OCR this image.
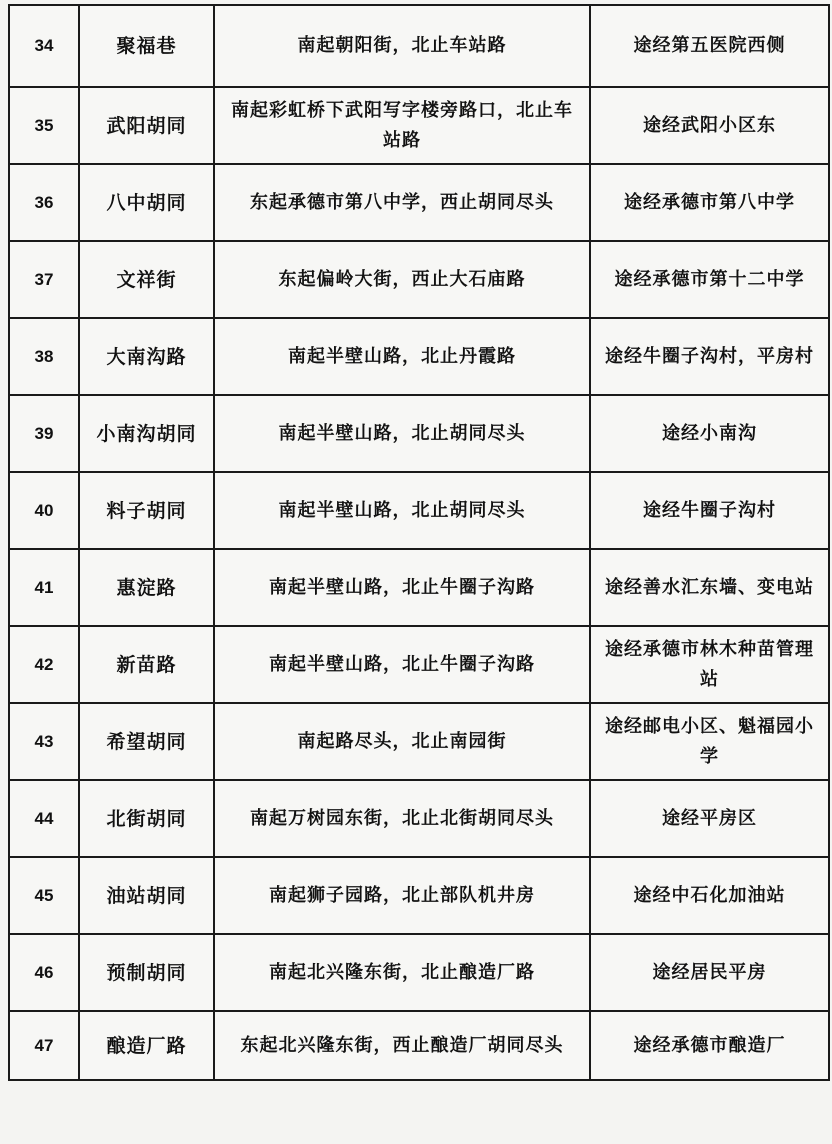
34	聚福巷	南起朝阳街，北止车站路	途经第五医院西侧
35	武阳胡同	南起彩虹桥下武阳写字楼旁路口，北止车站路	途经武阳小区东
36	八中胡同	东起承德市第八中学，西止胡同尽头	途经承德市第八中学
37	文祥街	东起偏岭大街，西止大石庙路	途经承德市第十二中学
38	大南沟路	南起半壁山路，北止丹霞路	途经牛圈子沟村，平房村
39	小南沟胡同	南起半壁山路，北止胡同尽头	途经小南沟
40	料子胡同	南起半壁山路，北止胡同尽头	途经牛圈子沟村
41	惠淀路	南起半壁山路，北止牛圈子沟路	途经善水汇东墙、变电站
42	新苗路	南起半壁山路，北止牛圈子沟路	途经承德市林木种苗管理站
43	希望胡同	南起路尽头，北止南园街	途经邮电小区、魁福园小学
44	北街胡同	南起万树园东街，北止北街胡同尽头	途经平房区
45	油站胡同	南起狮子园路，北止部队机井房	途经中石化加油站
46	预制胡同	南起北兴隆东街，北止酿造厂路	途经居民平房
47	酿造厂路	东起北兴隆东街，西止酿造厂胡同尽头	途经承德市酿造厂
